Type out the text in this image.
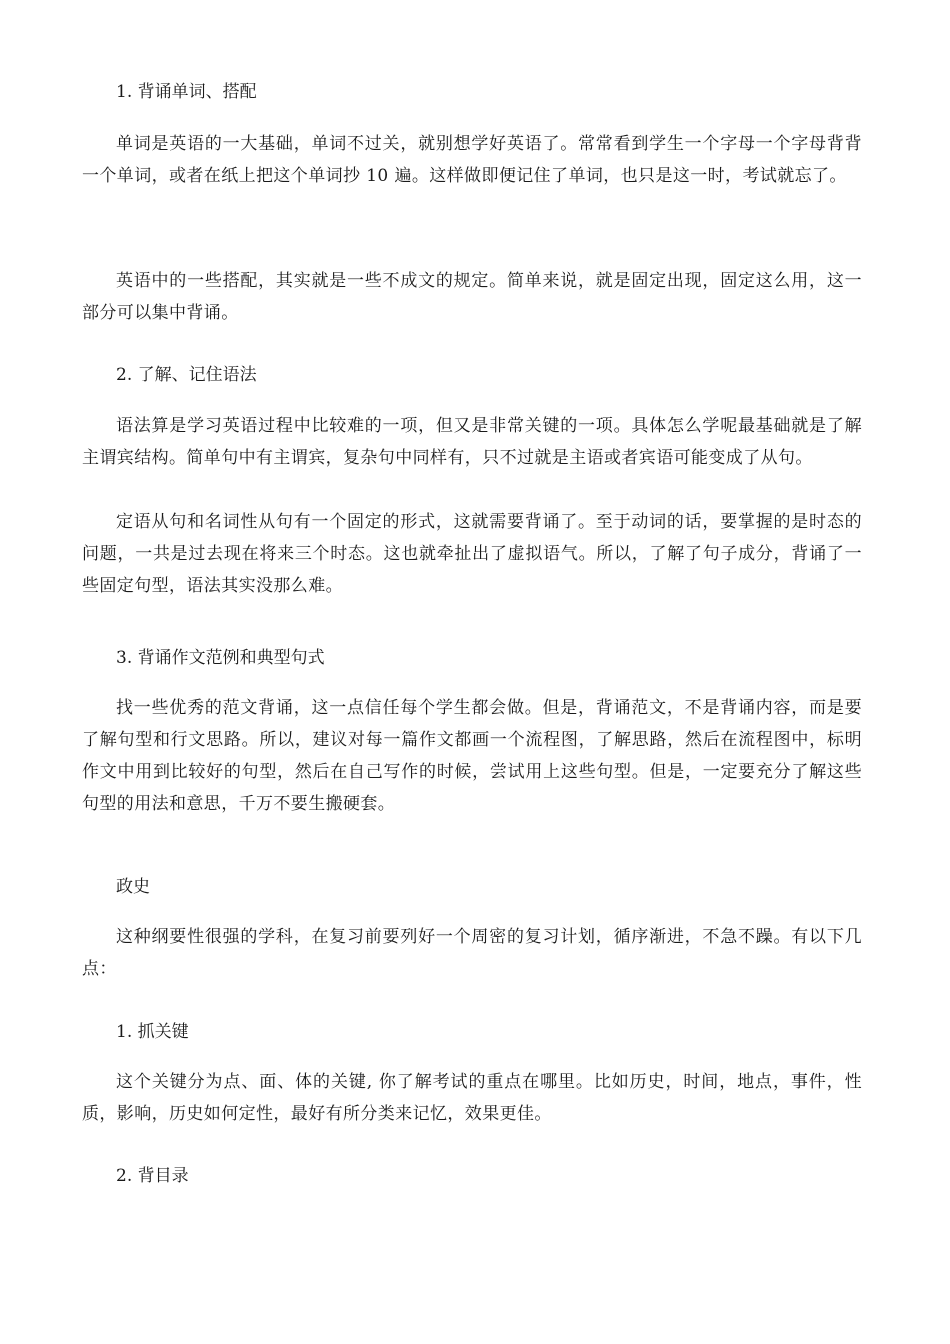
1. 背诵单词、搭配

单词是英语的一大基础，单词不过关，就别想学好英语了。常常看到学生一个字母一个字母背背一个单词，或者在纸上把这个单词抄 10 遍。这样做即便记住了单词，也只是这一时，考试就忘了。

英语中的一些搭配，其实就是一些不成文的规定。简单来说，就是固定出现，固定这么用，这一部分可以集中背诵。

2. 了解、记住语法

语法算是学习英语过程中比较难的一项，但又是非常关键的一项。具体怎么学呢最基础就是了解主谓宾结构。简单句中有主谓宾，复杂句中同样有，只不过就是主语或者宾语可能变成了从句。

定语从句和名词性从句有一个固定的形式，这就需要背诵了。至于动词的话，要掌握的是时态的问题，一共是过去现在将来三个时态。这也就牵扯出了虚拟语气。所以，了解了句子成分，背诵了一些固定句型，语法其实没那么难。

3. 背诵作文范例和典型句式

找一些优秀的范文背诵，这一点信任每个学生都会做。但是，背诵范文，不是背诵内容，而是要了解句型和行文思路。所以，建议对每一篇作文都画一个流程图，了解思路，然后在流程图中，标明作文中用到比较好的句型，然后在自己写作的时候，尝试用上这些句型。但是，一定要充分了解这些句型的用法和意思，千万不要生搬硬套。

政史

这种纲要性很强的学科，在复习前要列好一个周密的复习计划，循序渐进，不急不躁。有以下几点：

1. 抓关键

这个关键分为点、面、体的关键, 你了解考试的重点在哪里。比如历史，时间，地点，事件，性质，影响，历史如何定性，最好有所分类来记忆，效果更佳。

2. 背目录
